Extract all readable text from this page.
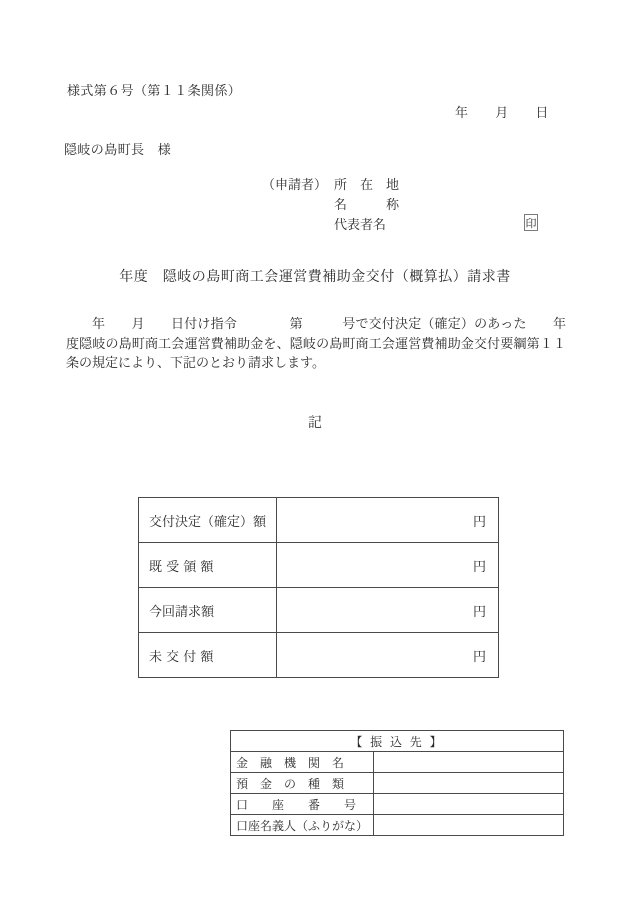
様式第６号（第１１条関係）
年　　月　　日
隠岐の島町長　様
（申請者） 所　在　地
名　　　称
代表者名	印
年度　隠岐の島町商工会運営費補助金交付（概算払）請求書

年　　月　　日付け指令　　　　第　　　号で交付決定（確定）のあった　　年度隠岐の島町商工会運営費補助金を、隠岐の島町商工会運営費補助金交付要綱第１１条の規定により、下記のとおり請求します。

記
交付決定（確定）額	円
既 受 領 額	円
今回請求額	円
未 交 付 額	円
【 振 込 先 】	
金　融　機　関　名	
預　金　の　種　類	
口　　座　　番　　号	
口座名義人（ふりがな）	
